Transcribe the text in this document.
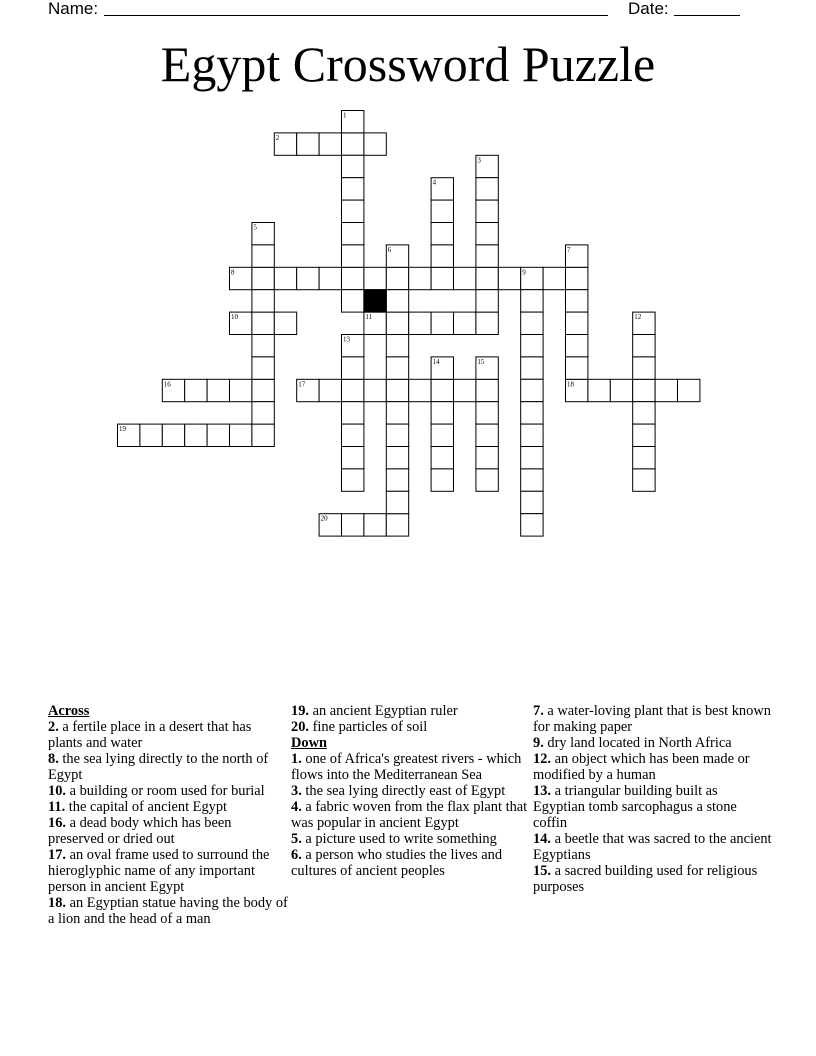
Name:	Date:
Egypt Crossword Puzzle
1
2
3
4
5
6	7
8	9
10	11	12
13
14	15
16	17	18
19
20
Across
2. a fertile place in a desert that has plants and water
8. the sea lying directly to the north of Egypt
10. a building or room used for burial
11. the capital of ancient Egypt
16. a dead body which has been preserved or dried out
17. an oval frame used to surround the hieroglyphic name of any important person in ancient Egypt
18. an Egyptian statue having the body of a lion and the head of a man
19. an ancient Egyptian ruler
20. fine particles of soil
Down
1. one of Africa's greatest rivers - which flows into the Mediterranean Sea
3. the sea lying directly east of Egypt
4. a fabric woven from the flax plant that was popular in ancient Egypt
5. a picture used to write something
6. a person who studies the lives and cultures of ancient peoples
7. a water-loving plant that is best known for making paper
9. dry land located in North Africa
12. an object which has been made or modified by a human
13. a triangular building built as Egyptian tomb sarcophagus a stone coffin
14. a beetle that was sacred to the ancient Egyptians
15. a sacred building used for religious purposes
